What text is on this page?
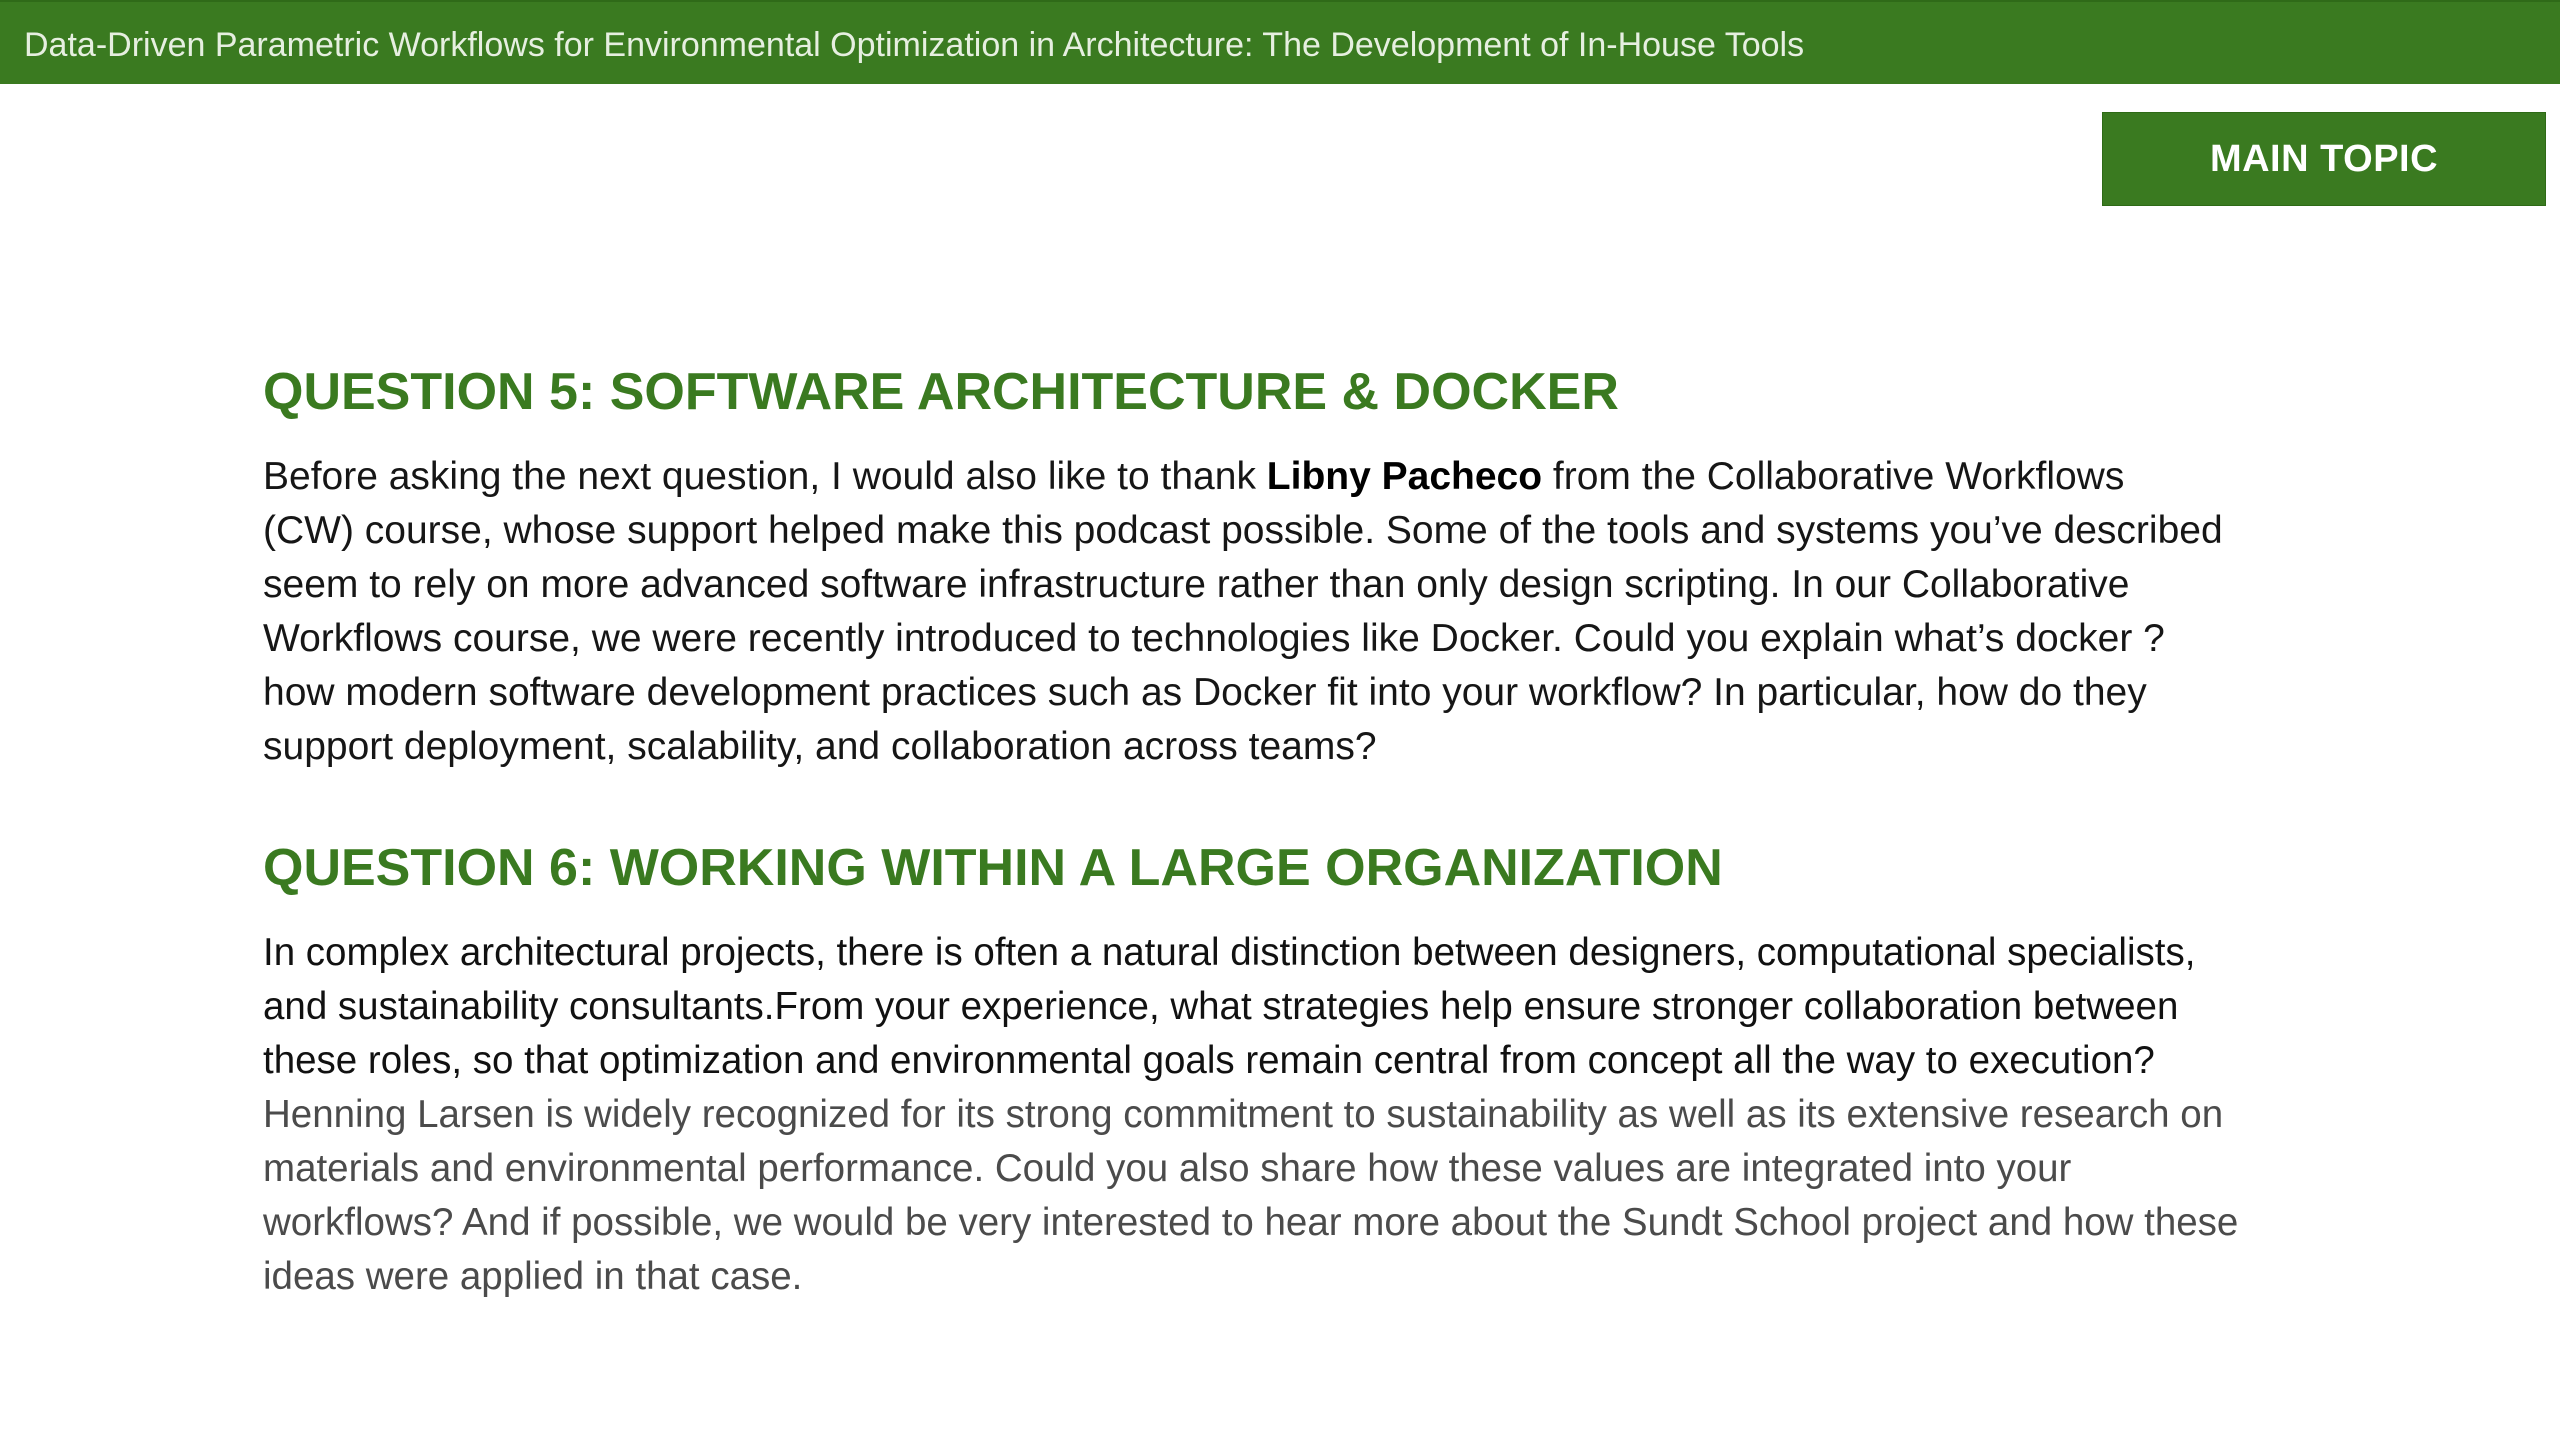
Data-Driven Parametric Workflows for Environmental Optimization in Architecture: The Development of In-House Tools
MAIN TOPIC
QUESTION 5: SOFTWARE ARCHITECTURE & DOCKER

Before asking the next question, I would also like to thank Libny Pacheco from the Collaborative Workflows (CW) course, whose support helped make this podcast possible. Some of the tools and systems you’ve described seem to rely on more advanced software infrastructure rather than only design scripting. In our Collaborative Workflows course, we were recently introduced to technologies like Docker. Could you explain what’s docker ? how modern software development practices such as Docker fit into your workflow? In particular, how do they support deployment, scalability, and collaboration across teams?

QUESTION 6: WORKING WITHIN A LARGE ORGANIZATION

In complex architectural projects, there is often a natural distinction between designers, computational specialists, and sustainability consultants.From your experience, what strategies help ensure stronger collaboration between these roles, so that optimization and environmental goals remain central from concept all the way to execution? Henning Larsen is widely recognized for its strong commitment to sustainability as well as its extensive research on materials and environmental performance. Could you also share how these values are integrated into your workflows? And if possible, we would be very interested to hear more about the Sundt School project and how these ideas were applied in that case.
